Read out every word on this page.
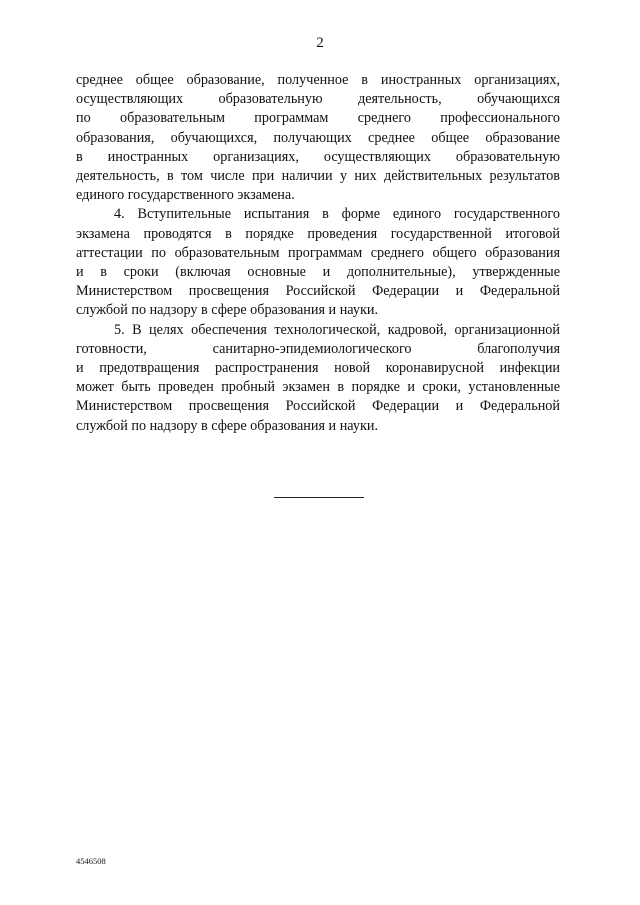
2

среднее общее образование, полученное в иностранных организациях,
осуществляющих образовательную деятельность, обучающихся
по образовательным программам среднего профессионального
образования, обучающихся, получающих среднее общее образование
в иностранных организациях, осуществляющих образовательную
деятельность, в том числе при наличии у них действительных результатов
единого государственного экзамена.

4. Вступительные испытания в форме единого государственного
экзамена проводятся в порядке проведения государственной итоговой
аттестации по образовательным программам среднего общего образования
и в сроки (включая основные и дополнительные), утвержденные
Министерством просвещения Российской Федерации и Федеральной
службой по надзору в сфере образования и науки.

5. В целях обеспечения технологической, кадровой, организационной
готовности, санитарно-эпидемиологического благополучия
и предотвращения распространения новой коронавирусной инфекции
может быть проведен пробный экзамен в порядке и сроки, установленные
Министерством просвещения Российской Федерации и Федеральной
службой по надзору в сфере образования и науки.

4546508
